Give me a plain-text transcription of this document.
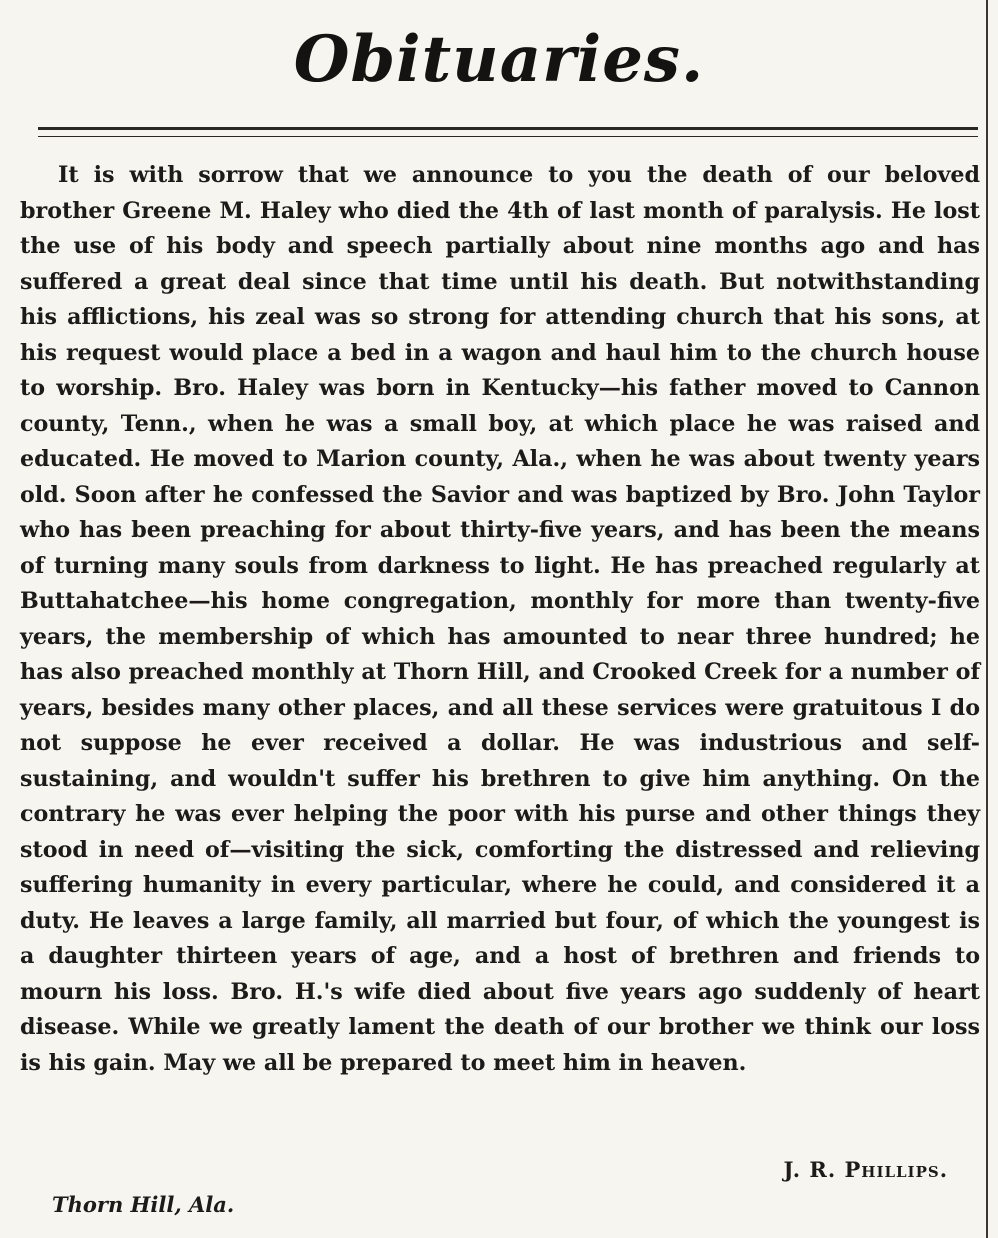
Obituaries.

It is with sorrow that we announce to you the death of our beloved brother Greene M. Haley who died the 4th of last month of paralysis. He lost the use of his body and speech partially about nine months ago and has suffered a great deal since that time until his death. But notwithstanding his afflictions, his zeal was so strong for attending church that his sons, at his request would place a bed in a wagon and haul him to the church house to worship. Bro. Haley was born in Kentucky—his father moved to Cannon county, Tenn., when he was a small boy, at which place he was raised and educated. He moved to Marion county, Ala., when he was about twenty years old. Soon after he confessed the Savior and was baptized by Bro. John Taylor who has been preaching for about thirty-five years, and has been the means of turning many souls from darkness to light. He has preached regularly at Buttahatchee—his home congregation, monthly for more than twenty-five years, the membership of which has amounted to near three hundred; he has also preached monthly at Thorn Hill, and Crooked Creek for a number of years, besides many other places, and all these services were gratuitous I do not suppose he ever received a dollar. He was industrious and self-sustaining, and wouldn't suffer his brethren to give him anything. On the contrary he was ever helping the poor with his purse and other things they stood in need of—visiting the sick, comforting the distressed and relieving suffering humanity in every particular, where he could, and considered it a duty. He leaves a large family, all married but four, of which the youngest is a daughter thirteen years of age, and a host of brethren and friends to mourn his loss. Bro. H.'s wife died about five years ago suddenly of heart disease. While we greatly lament the death of our brother we think our loss is his gain. May we all be prepared to meet him in heaven.

J. R. Phillips.
Thorn Hill, Ala.
